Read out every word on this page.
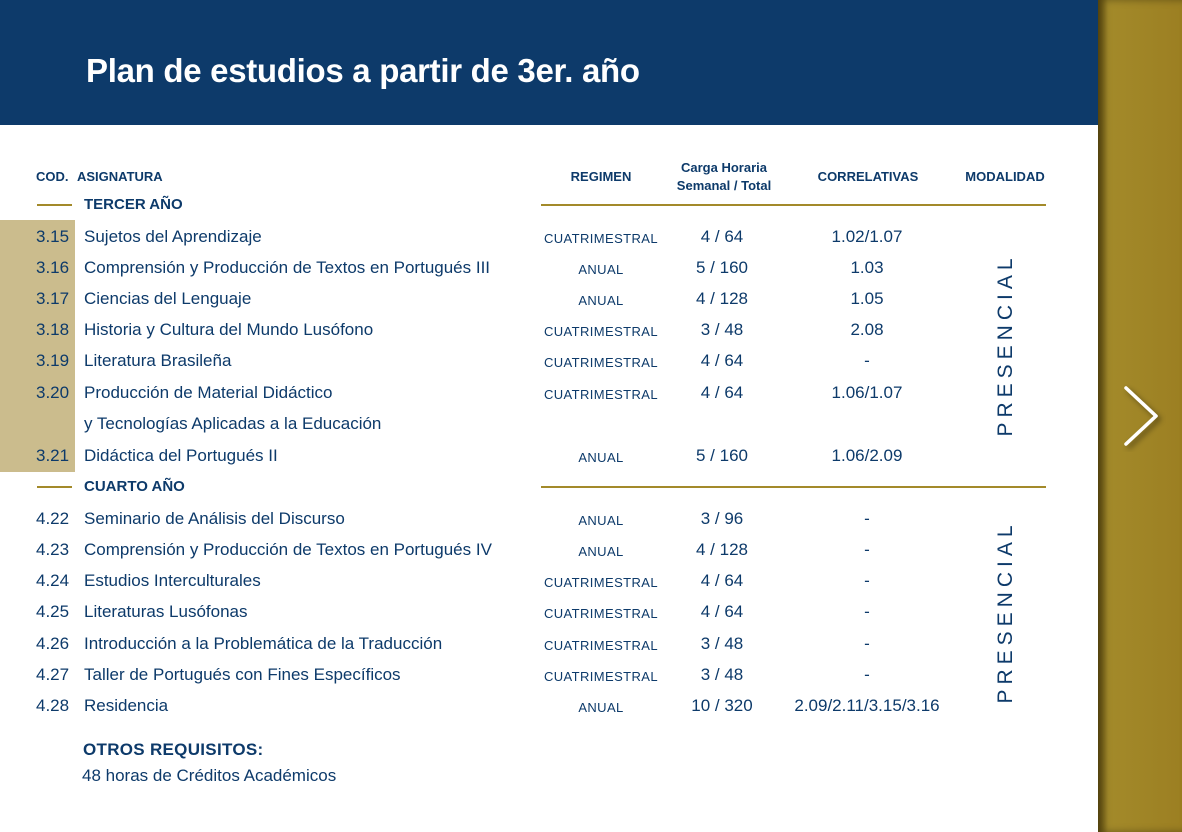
Plan de estudios a partir de 3er. año
COD. ASIGNATURA	REGIMEN
Carga Horaria
Semanal / Total
CORRELATIVAS	MODALIDAD
TERCER AÑO
3.15 Sujetos del Aprendizaje	CUATRIMESTRAL	4 / 64	1.02/1.07
3.16 Comprensión y Producción de Textos en Portugués III	ANUAL	5 / 160	1.03
3.17 Ciencias del Lenguaje	ANUAL	4 / 128	1.05
3.18 Historia y Cultura del Mundo Lusófono	CUATRIMESTRAL	3 / 48	2.08
3.19 Literatura Brasileña	CUATRIMESTRAL	4 / 64	-
3.20 Producción de Material Didáctico	CUATRIMESTRAL	4 / 64	1.06/1.07
y Tecnologías Aplicadas a la Educación
3.21 Didáctica del Portugués II	ANUAL	5 / 160	1.06/2.09
PRESENCIAL
CUARTO AÑO
4.22 Seminario de Análisis del Discurso	ANUAL	3 / 96	-
4.23 Comprensión y Producción de Textos en Portugués IV	ANUAL	4 / 128	-
4.24 Estudios Interculturales	CUATRIMESTRAL	4 / 64	-
4.25 Literaturas Lusófonas	CUATRIMESTRAL	4 / 64	-
4.26 Introducción a la Problemática de la Traducción	CUATRIMESTRAL	3 / 48	-
4.27 Taller de Portugués con Fines Específicos	CUATRIMESTRAL	3 / 48	-
4.28 Residencia	ANUAL	10 / 320 2.09/2.11/3.15/3.16
PRESENCIAL
OTROS REQUISITOS:
48 horas de Créditos Académicos
